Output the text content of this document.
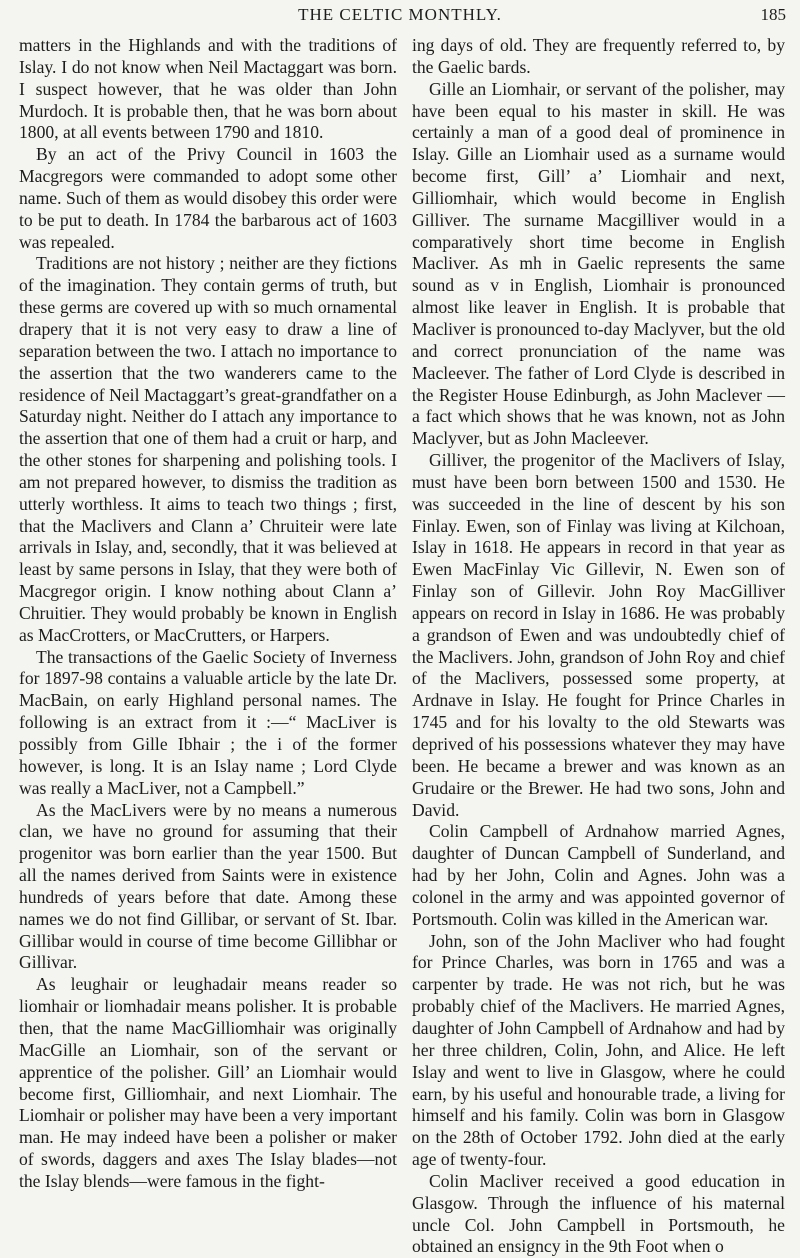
THE CELTIC MONTHLY.	185

matters in the Highlands and with the traditions of Islay. I do not know when Neil Mactaggart was born. I suspect however, that he was older than John Murdoch. It is probable then, that he was born about 1800, at all events between 1790 and 1810.

By an act of the Privy Council in 1603 the Macgregors were commanded to adopt some other name. Such of them as would disobey this order were to be put to death. In 1784 the barbarous act of 1603 was repealed.

Traditions are not history ; neither are they fictions of the imagination. They contain germs of truth, but these germs are covered up with so much ornamental drapery that it is not very easy to draw a line of separation between the two. I attach no importance to the assertion that the two wanderers came to the residence of Neil Mactaggart’s great-grandfather on a Saturday night. Neither do I attach any importance to the assertion that one of them had a cruit or harp, and the other stones for sharpening and polishing tools. I am not prepared however, to dismiss the tradition as utterly worthless. It aims to teach two things ; first, that the Maclivers and Clann a’ Chruiteir were late arrivals in Islay, and, secondly, that it was believed at least by same persons in Islay, that they were both of Macgregor origin. I know nothing about Clann a’ Chruitier. They would probably be known in English as MacCrotters, or MacCrutters, or Harpers.

The transactions of the Gaelic Society of Inverness for 1897-98 contains a valuable article by the late Dr. MacBain, on early Highland personal names. The following is an extract from it :—“ MacLiver is possibly from Gille Ibhair ; the i of the former however, is long. It is an Islay name ; Lord Clyde was really a MacLiver, not a Campbell.”

As the MacLivers were by no means a numerous clan, we have no ground for assuming that their progenitor was born earlier than the year 1500. But all the names derived from Saints were in existence hundreds of years before that date. Among these names we do not find Gillibar, or servant of St. Ibar. Gillibar would in course of time become Gillibhar or Gillivar.

As leughair or leughadair means reader so liomhair or liomhadair means polisher. It is probable then, that the name MacGilliomhair was originally MacGille an Liomhair, son of the servant or apprentice of the polisher. Gill’ an Liomhair would become first, Gilliomhair, and next Liomhair. The Liomhair or polisher may have been a very important man. He may indeed have been a polisher or maker of swords, daggers and axes The Islay blades—not the Islay blends—were famous in the fight-

ing days of old. They are frequently referred to, by the Gaelic bards.

Gille an Liomhair, or servant of the polisher, may have been equal to his master in skill. He was certainly a man of a good deal of prominence in Islay. Gille an Liomhair used as a surname would become first, Gill’ a’ Liomhair and next, Gilliomhair, which would become in English Gilliver. The surname Macgilliver would in a comparatively short time become in English Macliver. As mh in Gaelic represents the same sound as v in English, Liomhair is pronounced almost like leaver in English. It is probable that Macliver is pronounced to-day Maclyver, but the old and correct pronunciation of the name was Macleever. The father of Lord Clyde is described in the Register House Edinburgh, as John Maclever —a fact which shows that he was known, not as John Maclyver, but as John Macleever.

Gilliver, the progenitor of the Maclivers of Islay, must have been born between 1500 and 1530. He was succeeded in the line of descent by his son Finlay. Ewen, son of Finlay was living at Kilchoan, Islay in 1618. He appears in record in that year as Ewen MacFinlay Vic Gillevir, N. Ewen son of Finlay son of Gillevir. John Roy MacGilliver appears on record in Islay in 1686. He was probably a grandson of Ewen and was undoubtedly chief of the Maclivers. John, grandson of John Roy and chief of the Maclivers, possessed some property, at Ardnave in Islay. He fought for Prince Charles in 1745 and for his lovalty to the old Stewarts was deprived of his possessions whatever they may have been. He became a brewer and was known as an Grudaire or the Brewer. He had two sons, John and David.

Colin Campbell of Ardnahow married Agnes, daughter of Duncan Campbell of Sunderland, and had by her John, Colin and Agnes. John was a colonel in the army and was appointed governor of Portsmouth. Colin was killed in the American war.

John, son of the John Macliver who had fought for Prince Charles, was born in 1765 and was a carpenter by trade. He was not rich, but he was probably chief of the Maclivers. He married Agnes, daughter of John Campbell of Ardnahow and had by her three children, Colin, John, and Alice. He left Islay and went to live in Glasgow, where he could earn, by his useful and honourable trade, a living for himself and his family. Colin was born in Glasgow on the 28th of October 1792. John died at the early age of twenty-four.

Colin Macliver received a good education in Glasgow. Through the influence of his maternal uncle Col. John Campbell in Portsmouth, he obtained an ensigncy in the 9th Foot when o
